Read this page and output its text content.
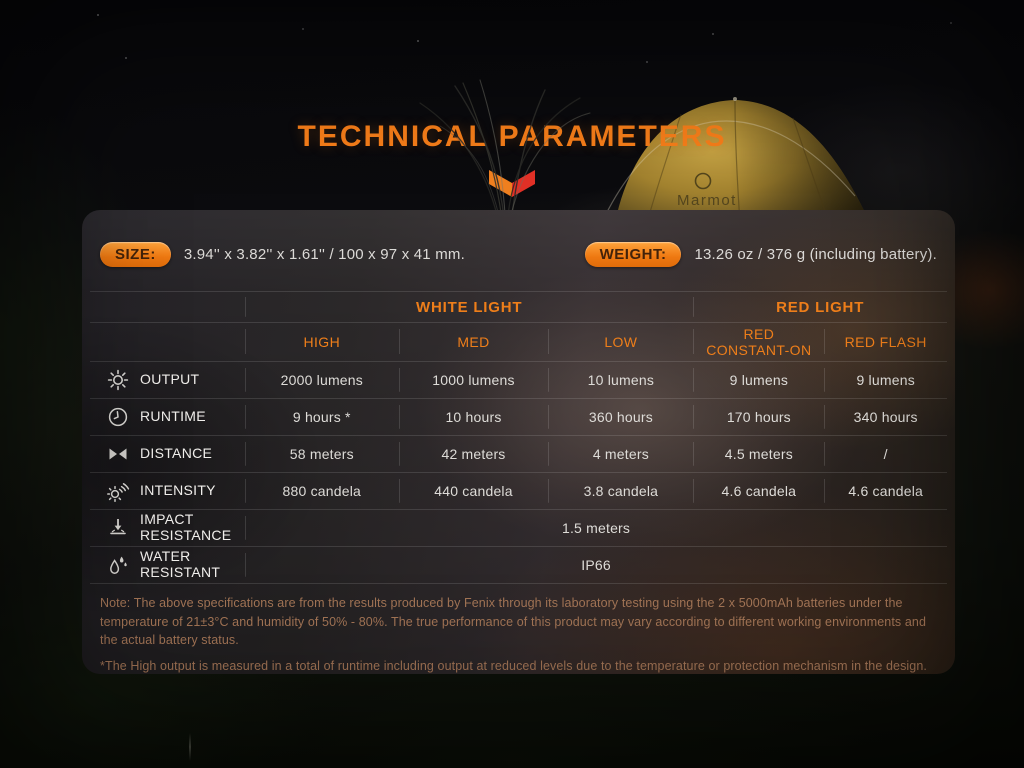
Marmot
TECHNICAL PARAMETERS
SIZE:	3.94'' x 3.82'' x 1.61'' / 100 x 97 x 41 mm.	WEIGHT:	13.26 oz / 376 g (including battery).
	WHITE LIGHT			RED LIGHT	
	HIGH	MED	LOW	RED CONSTANT-ON	RED FLASH

OUTPUT	2000 lumens	1000 lumens	10 lumens	9 lumens	9 lumens

RUNTIME	9 hours *	10 hours	360 hours	170 hours	340 hours

DISTANCE	58 meters	42 meters	4 meters	4.5 meters	/

INTENSITY	880 candela	440 candela	3.8 candela	4.6 candela	4.6 candela

IMPACT RESISTANCE	1.5 meters				

WATER RESISTANT	IP66				

Note: The above specifications are from the results produced by Fenix through its laboratory testing using the 2 x 5000mAh batteries under the temperature of 21±3°C and humidity of 50% - 80%. The true performance of this product may vary according to different working environments and the actual battery status.

*The High output is measured in a total of runtime including output at reduced levels due to the temperature or protection mechanism in the design.
